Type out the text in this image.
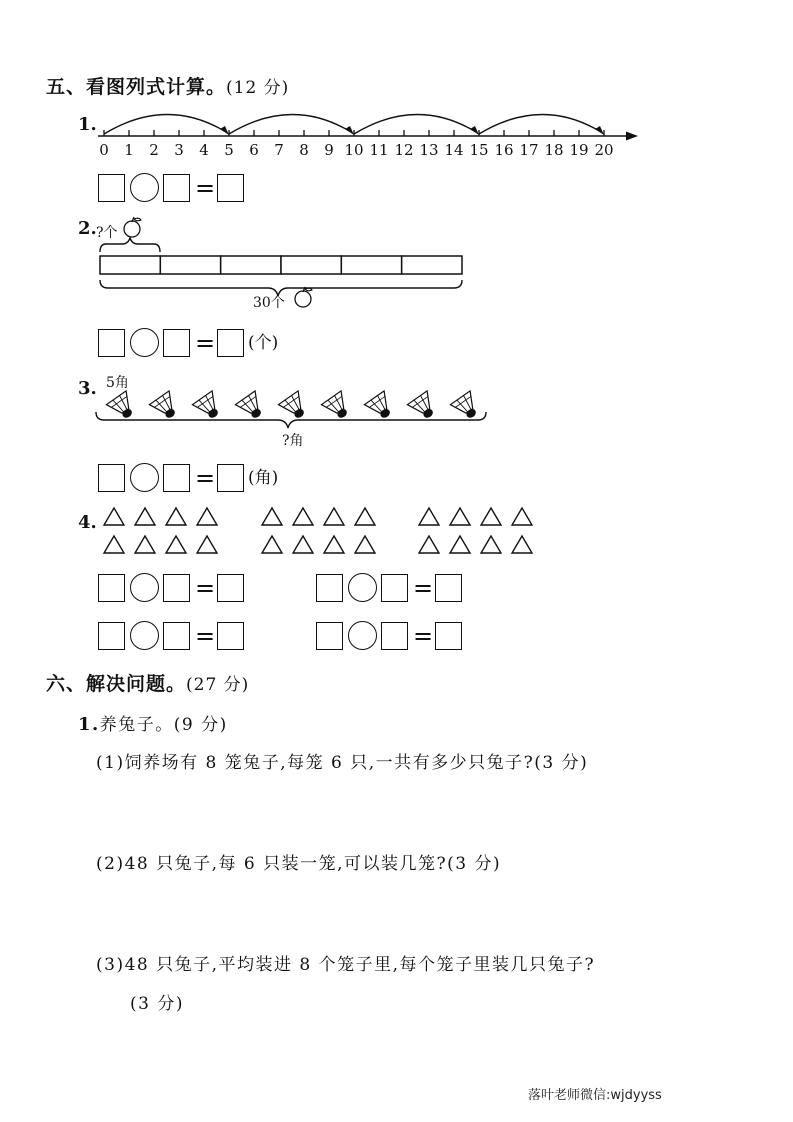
五、看图列式计算。(12 分)
1.
0 1 2 3 4 5 6 7 8 9 10 11 12 13 14 15 16 17 18 19 20
=
2. ?个
30个
= (个)
3. 5角
?角
= (角)
4.
=	=
=	=
六、解决问题。(27 分)
1.养兔子。(9 分)
(1)饲养场有 8 笼兔子,每笼 6 只,一共有多少只兔子?(3 分)
(2)48 只兔子,每 6 只装一笼,可以装几笼?(3 分)
(3)48 只兔子,平均装进 8 个笼子里,每个笼子里装几只兔子?
(3 分)
落叶老师微信:wjdyyss
